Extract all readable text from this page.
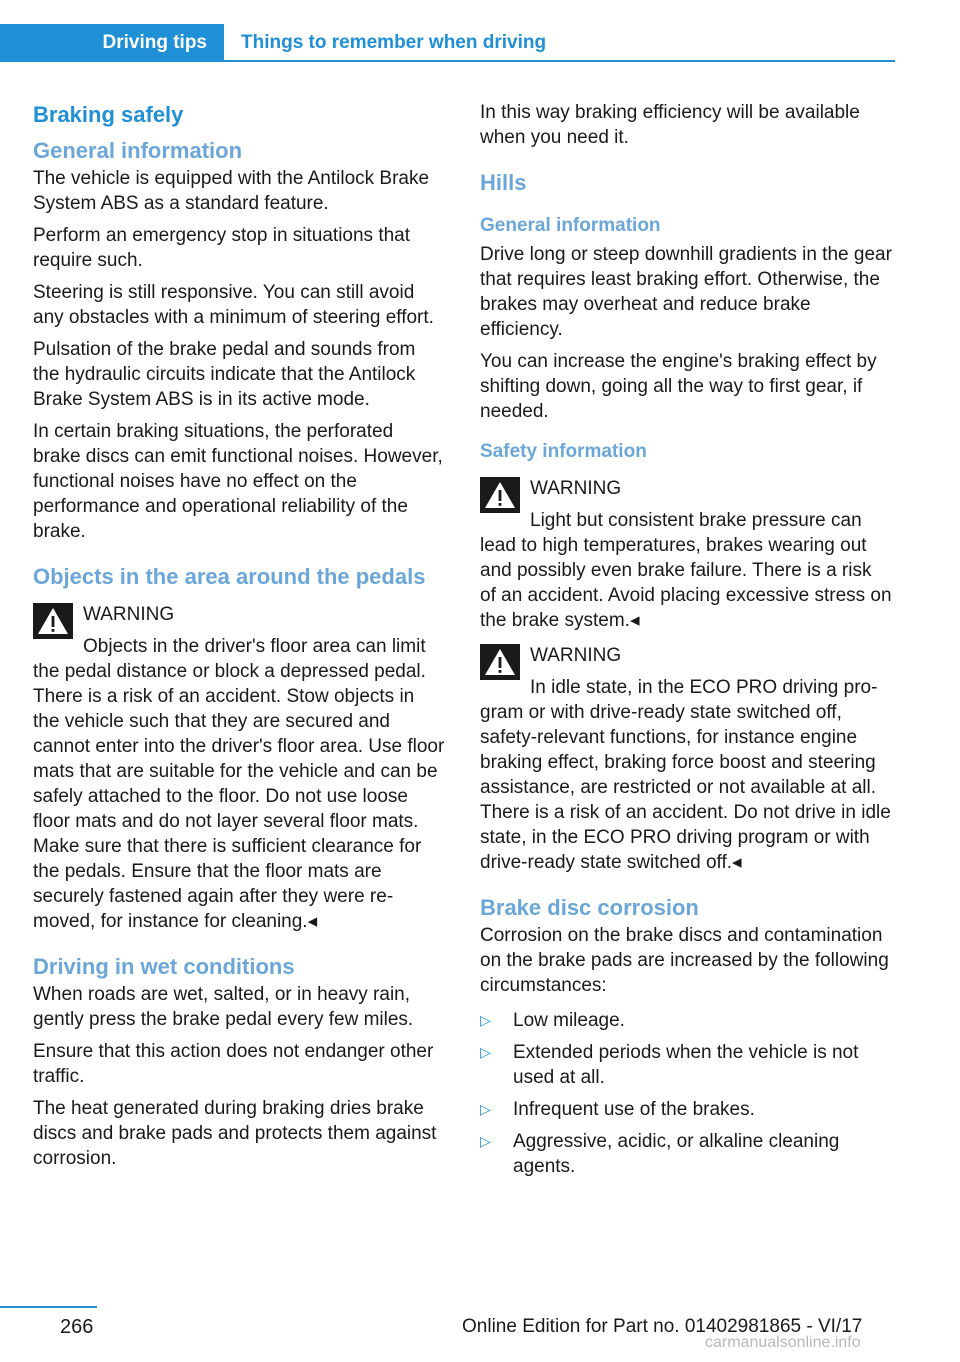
Driving tips	Things to remember when driving
Braking safely
General information

The vehicle is equipped with the Antilock Brake System ABS as a standard feature.

Perform an emergency stop in situations that require such.

Steering is still responsive. You can still avoid any obstacles with a minimum of steering effort.

Pulsation of the brake pedal and sounds from the hydraulic circuits indicate that the Antilock Brake System ABS is in its active mode.

In certain braking situations, the perforated brake discs can emit functional noises. However, functional noises have no effect on the performance and operational reliability of the brake.

Objects in the area around the pedals
WARNING
Objects in the driver's floor area can limit the pedal distance or block a depressed pedal. There is a risk of an accident. Stow objects in the vehicle such that they are secured and cannot enter into the driver's floor area. Use floor mats that are suitable for the vehicle and can be safely attached to the floor. Do not use loose floor mats and do not layer several floor mats. Make sure that there is sufficient clearance for the pedals. Ensure that the floor mats are securely fastened again after they were removed, for instance for cleaning.◂
Driving in wet conditions

When roads are wet, salted, or in heavy rain, gently press the brake pedal every few miles.

Ensure that this action does not endanger other traffic.

The heat generated during braking dries brake discs and brake pads and protects them against corrosion.

In this way braking efficiency will be available when you need it.

Hills
General information

Drive long or steep downhill gradients in the gear that requires least braking effort. Otherwise, the brakes may overheat and reduce brake efficiency.

You can increase the engine's braking effect by shifting down, going all the way to first gear, if needed.

Safety information
WARNING
Light but consistent brake pressure can lead to high temperatures, brakes wearing out and possibly even brake failure. There is a risk of an accident. Avoid placing excessive stress on the brake system.◂
WARNING
In idle state, in the ECO PRO driving program or with drive-ready state switched off, safety-relevant functions, for instance engine braking effect, braking force boost and steering assistance, are restricted or not available at all. There is a risk of an accident. Do not drive in idle state, in the ECO PRO driving program or with drive-ready state switched off.◂
Brake disc corrosion

Corrosion on the brake discs and contamination on the brake pads are increased by the following circumstances:

▷ Low mileage.
▷ Extended periods when the vehicle is not used at all.
▷ Infrequent use of the brakes.
▷ Aggressive, acidic, or alkaline cleaning agents.
266	Online Edition for Part no. 01402981865 - VI/17
carmanualsonline.info
